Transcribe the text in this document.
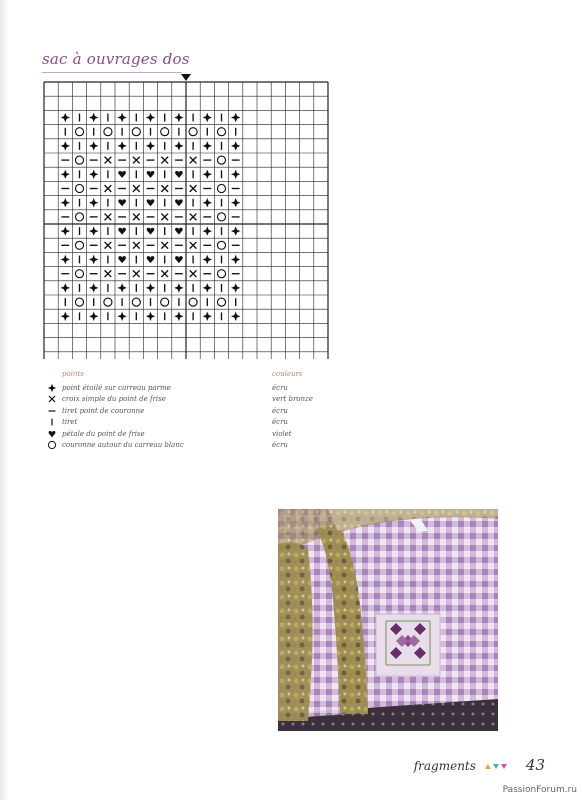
sac à ouvrages dos
points	couleurs
point étoilé sur carreau parme	écru
croix simple du point de frise	vert bronze
tiret point de couronne	écru
tiret	écru
pétale du point de frise	violet
couronne autour du carreau blanc	écru
fragments	43
PassionForum.ru
